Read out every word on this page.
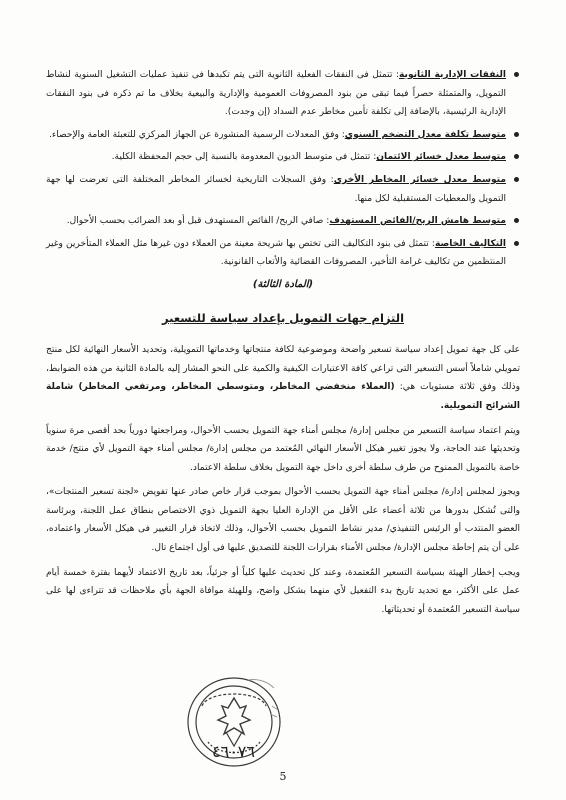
النفقات الإدارية الثانوية: تتمثل فى النفقات الفعلية الثانوية التى يتم تكبدها فى تنفيذ عمليات التشغيل السنوية لنشاط التمويل، والمتمثلة حصراً فيما تبقى من بنود المصروفات العمومية والإدارية والبيعية بخلاف ما تم ذكره فى بنود النفقات الإدارية الرئيسية، بالإضافة إلى تكلفة تأمين مخاطر عدم السداد (إن وجدت).
متوسط تكلفة معدل التضخم السنوي: وفق المعدلات الرسمية المنشورة عن الجهاز المركزي للتعبئة العامة والإحصاء.
متوسط معدل خسائر الائتمان: تتمثل فى متوسط الديون المعدومة بالنسبة إلى حجم المحفظة الكلية.
متوسط معدل خسائر المخاطر الأخرى: وفق السجلات التاريخية لخسائر المخاطر المختلفة التى تعرضت لها جهة التمويل والمعطيات المستقبلية لكل منها.
متوسط هامش الربح/الفائض المستهدف: صافي الربح/ الفائض المستهدف قبل أو بعد الضرائب بحسب الأحوال.
التكاليف الخاصة: تتمثل فى بنود التكاليف التى تختص بها شريحة معينة من العملاء دون غيرها مثل العملاء المتأخرين وغير المنتظمين من تكاليف غرامة التأخير، المصروفات القضائية والأتعاب القانونية.
(المادة الثالثة)
التزام جهات التمويل بإعداد سياسة للتسعير

على كل جهة تمويل إعداد سياسة تسعير واضحة وموضوعية لكافة منتجاتها وخدماتها التمويلية، وتحديد الأسعار النهائية لكل منتج تمويلي شاملاً أسس التسعير التى تراعي كافة الاعتبارات الكيفية والكمية على النحو المشار إليه بالمادة الثانية من هذه الضوابط، وذلك وفق ثلاثة مستويات هي: (العملاء منخفضي المخاطر، ومتوسطي المخاطر، ومرتفعي المخاطر) شاملة الشرائح التمويلية.

ويتم اعتماد سياسة التسعير من مجلس إدارة/ مجلس أمناء جهة التمويل بحسب الأحوال، ومراجعتها دورياً بحد أقصى مرة سنوياً وتحديثها عند الحاجة، ولا يجوز تغيير هيكل الأسعار النهائي المُعتمد من مجلس إدارة/ مجلس أمناء جهة التمويل لأي منتج/ خدمة خاصة بالتمويل الممنوح من طرف سلطة أخرى داخل جهة التمويل بخلاف سلطة الاعتماد.

ويجوز لمجلس إدارة/ مجلس أمناء جهة التمويل بحسب الأحوال بموجب قرار خاص صادر عنها تفويض «لجنة تسعير المنتجات»، والتى تُشكل بدورها من ثلاثة أعضاء على الأقل من الإدارة العليا بجهة التمويل ذوي الاختصاص بنطاق عمل اللجنة، وبرئاسة العضو المنتدب أو الرئيس التنفيذي/ مدير نشاط التمويل بحسب الأحوال، وذلك لاتخاذ قرار التغيير فى هيكل الأسعار واعتماده، على أن يتم إحاطة مجلس الإدارة/ مجلس الأمناء بقرارات اللجنة للتصديق عليها فى أول اجتماع تال.

ويجب إخطار الهيئة بسياسة التسعير المُعتمدة، وعند كل تحديث عليها كلياً أو جزئياً، بعد تاريخ الاعتماد لأيهما بفترة خمسة أيام عمل على الأكثر، مع تحديد تاريخ بدء التفعيل لأي منهما بشكل واضح، وللهيئة موافاة الجهة بأي ملاحظات قد تتراءى لها على سياسة التسعير المُعتمدة أو تحديثاتها.

٤٦٠٧٦
5
